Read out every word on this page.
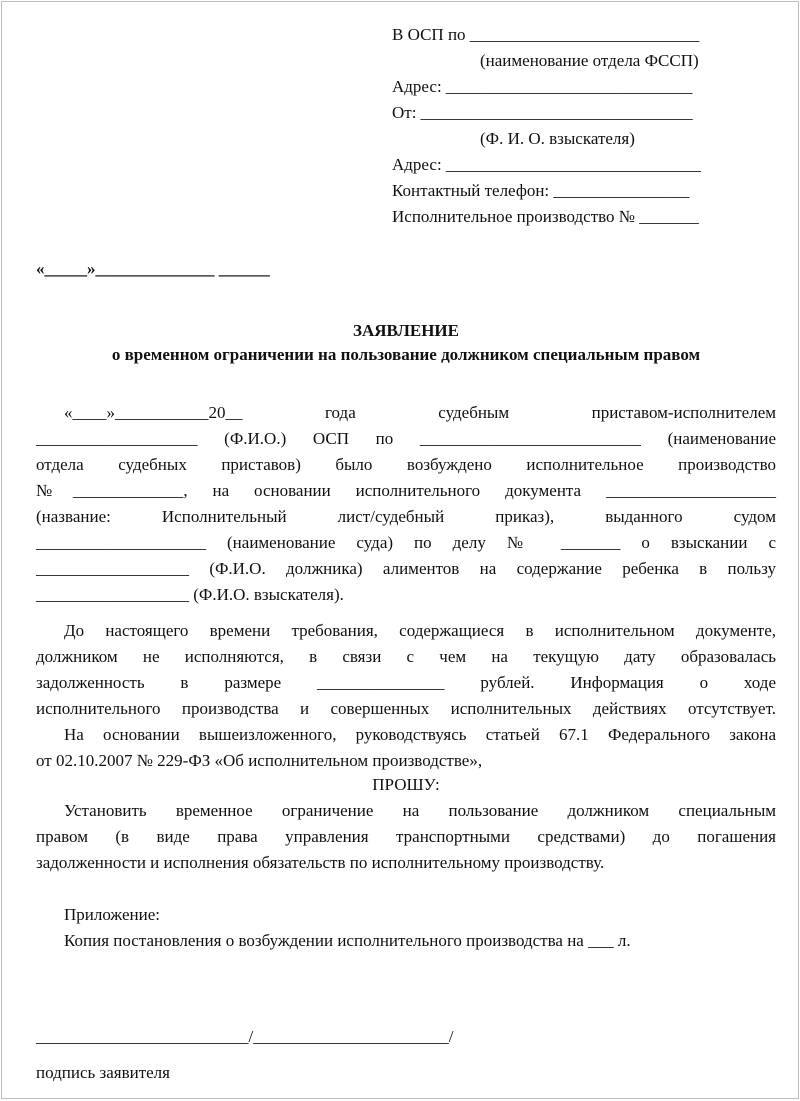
В ОСП по ___________________________
(наименование отдела ФССП)
Адрес: _____________________________
От: ________________________________
(Ф. И. О. взыскателя)
Адрес: ______________________________
Контактный телефон: ________________
Исполнительное производство № _______
«_____»______________ ______
ЗАЯВЛЕНИЕ
о временном ограничении на пользование должником специальным правом
«____»___________20__ года судебным приставом-исполнителем
___________________ (Ф.И.О.) ОСП по __________________________ (наименование
отдела судебных приставов) было возбуждено исполнительное производство
№_____________, на основании исполнительного документа ____________________
(название: Исполнительный лист/судебный приказ), выданного судом
____________________ (наименование суда) по делу № _______ о взыскании с
__________________ (Ф.И.О. должника) алиментов на содержание ребенка в пользу
__________________ (Ф.И.О. взыскателя).
До настоящего времени требования, содержащиеся в исполнительном документе,
должником не исполняются, в связи с чем на текущую дату образовалась
задолженность в размере _______________ рублей. Информация о ходе
исполнительного производства и совершенных исполнительных действиях отсутствует.
На основании вышеизложенного, руководствуясь статьей 67.1 Федерального закона
от 02.10.2007 № 229-ФЗ «Об исполнительном производстве»,
ПРОШУ:
Установить временное ограничение на пользование должником специальным
правом (в виде права управления транспортными средствами) до погашения
задолженности и исполнения обязательств по исполнительному производству.
Приложение:
Копия постановления о возбуждении исполнительного производства на ___ л.
_________________________/_______________________/
подпись заявителя
